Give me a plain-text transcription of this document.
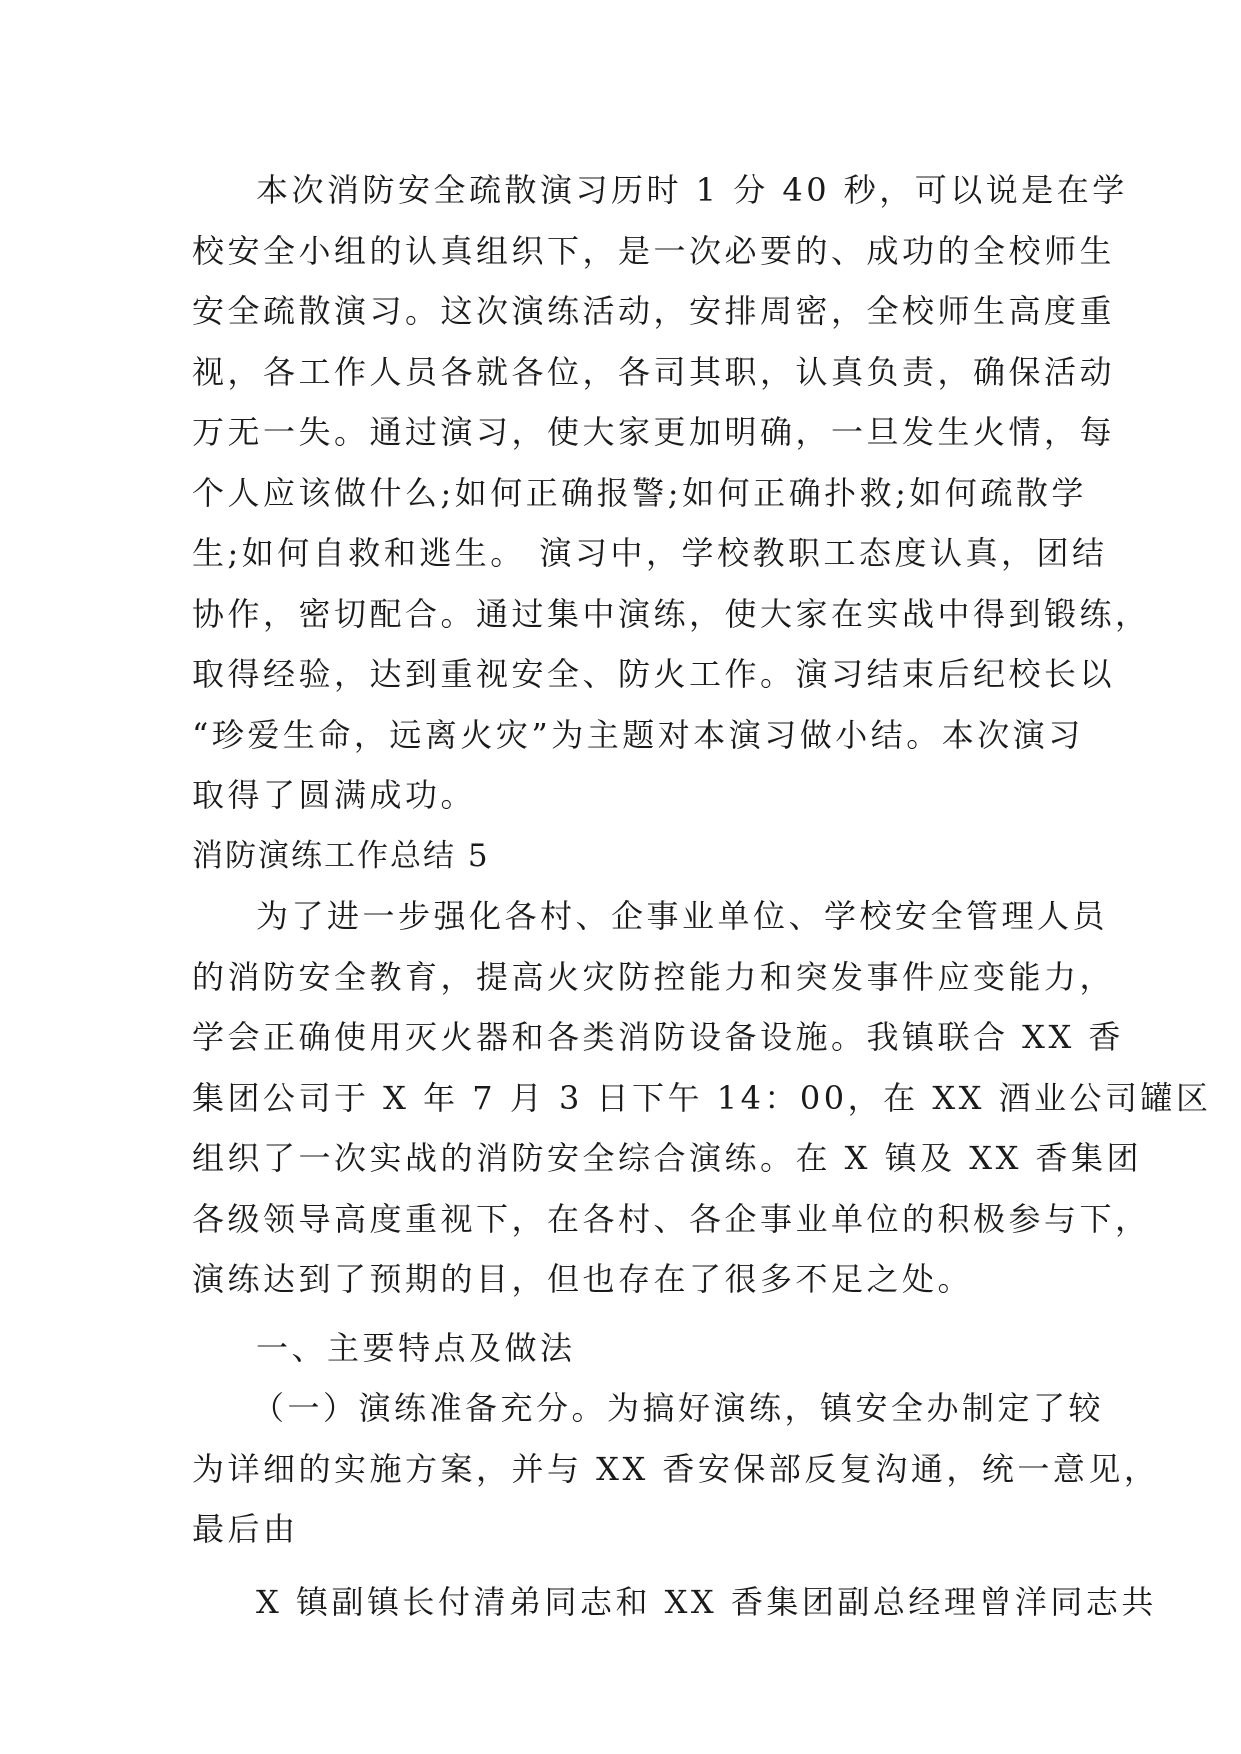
本次消防安全疏散演习历时 1 分 40 秒，可以说是在学
校安全小组的认真组织下，是一次必要的、成功的全校师生
安全疏散演习。这次演练活动，安排周密，全校师生高度重
视，各工作人员各就各位，各司其职，认真负责，确保活动
万无一失。通过演习，使大家更加明确，一旦发生火情，每
个人应该做什么;如何正确报警;如何正确扑救;如何疏散学
生;如何自救和逃生。 演习中，学校教职工态度认真，团结
协作，密切配合。通过集中演练，使大家在实战中得到锻练，
取得经验，达到重视安全、防火工作。演习结束后纪校长以
“珍爱生命，远离火灾”为主题对本演习做小结。本次演习
取得了圆满成功。
消防演练工作总结 5
为了进一步强化各村、企事业单位、学校安全管理人员
的消防安全教育，提高火灾防控能力和突发事件应变能力，
学会正确使用灭火器和各类消防设备设施。我镇联合 XX 香
集团公司于 X 年 7 月 3 日下午 14：00，在 XX 酒业公司罐区
组织了一次实战的消防安全综合演练。在 X 镇及 XX 香集团
各级领导高度重视下，在各村、各企事业单位的积极参与下，
演练达到了预期的目，但也存在了很多不足之处。
一、主要特点及做法
（一）演练准备充分。为搞好演练，镇安全办制定了较
为详细的实施方案，并与 XX 香安保部反复沟通，统一意见，
最后由
X 镇副镇长付清弟同志和 XX 香集团副总经理曾洋同志共
